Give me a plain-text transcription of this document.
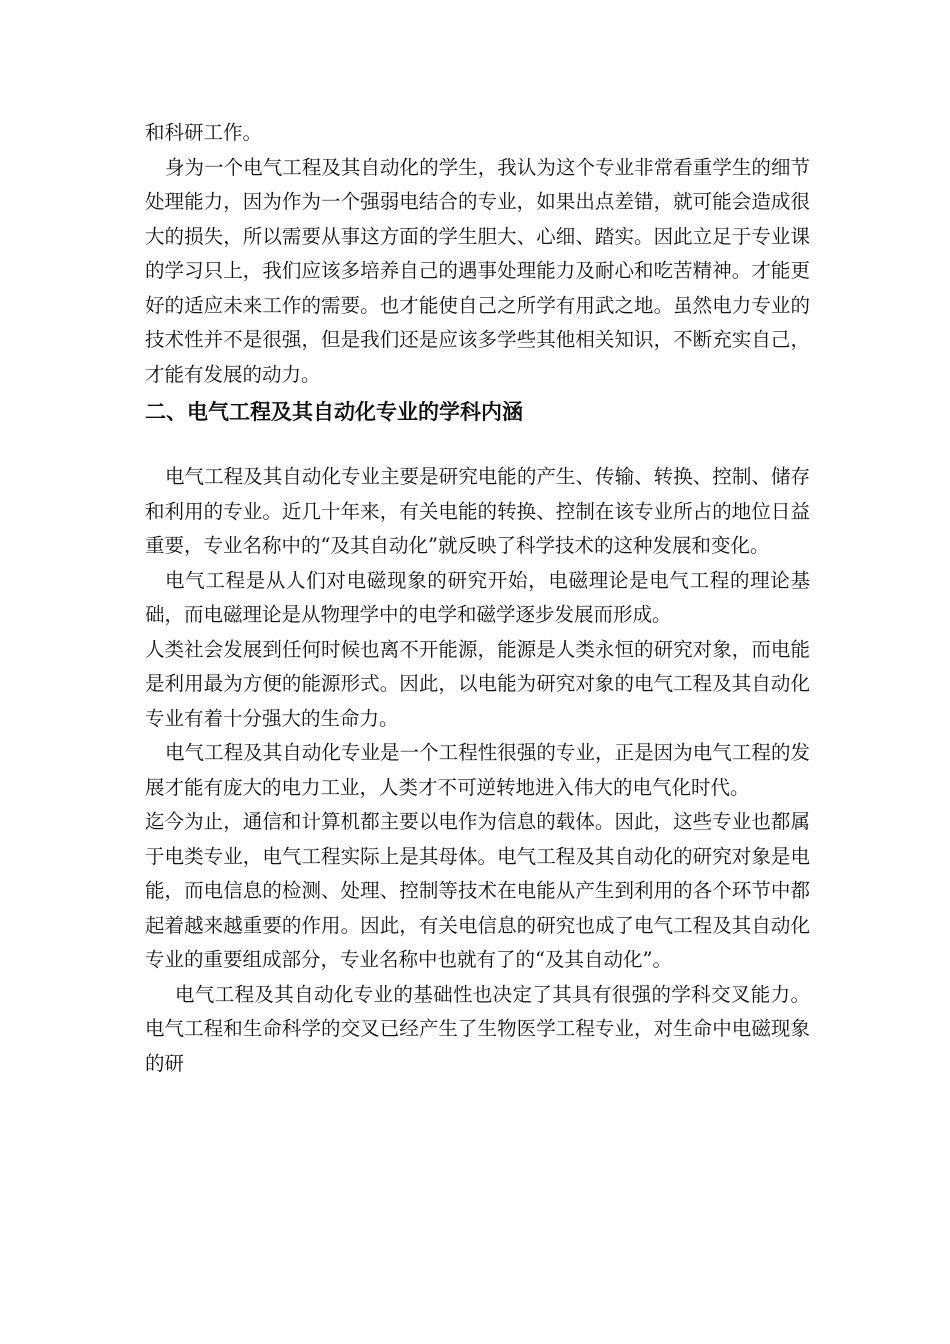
和科研工作。

身为一个电气工程及其自动化的学生，我认为这个专业非常看重学生的细节处理能力，因为作为一个强弱电结合的专业，如果出点差错，就可能会造成很大的损失，所以需要从事这方面的学生胆大、心细、踏实。因此立足于专业课的学习只上，我们应该多培养自己的遇事处理能力及耐心和吃苦精神。才能更好的适应未来工作的需要。也才能使自己之所学有用武之地。虽然电力专业的技术性并不是很强，但是我们还是应该多学些其他相关知识，不断充实自己，才能有发展的动力。

二、电气工程及其自动化专业的学科内涵

电气工程及其自动化专业主要是研究电能的产生、传输、转换、控制、储存和利用的专业。近几十年来，有关电能的转换、控制在该专业所占的地位日益重要，专业名称中的“及其自动化”就反映了科学技术的这种发展和变化。

电气工程是从人们对电磁现象的研究开始，电磁理论是电气工程的理论基础，而电磁理论是从物理学中的电学和磁学逐步发展而形成。

人类社会发展到任何时候也离不开能源，能源是人类永恒的研究对象，而电能是利用最为方便的能源形式。因此，以电能为研究对象的电气工程及其自动化专业有着十分强大的生命力。

电气工程及其自动化专业是一个工程性很强的专业，正是因为电气工程的发展才能有庞大的电力工业，人类才不可逆转地进入伟大的电气化时代。

迄今为止，通信和计算机都主要以电作为信息的载体。因此，这些专业也都属于电类专业，电气工程实际上是其母体。电气工程及其自动化的研究对象是电能，而电信息的检测、处理、控制等技术在电能从产生到利用的各个环节中都起着越来越重要的作用。因此，有关电信息的研究也成了电气工程及其自动化专业的重要组成部分，专业名称中也就有了的“及其自动化”。

电气工程及其自动化专业的基础性也决定了其具有很强的学科交叉能力。电气工程和生命科学的交叉已经产生了生物医学工程专业，对生命中电磁现象的研
